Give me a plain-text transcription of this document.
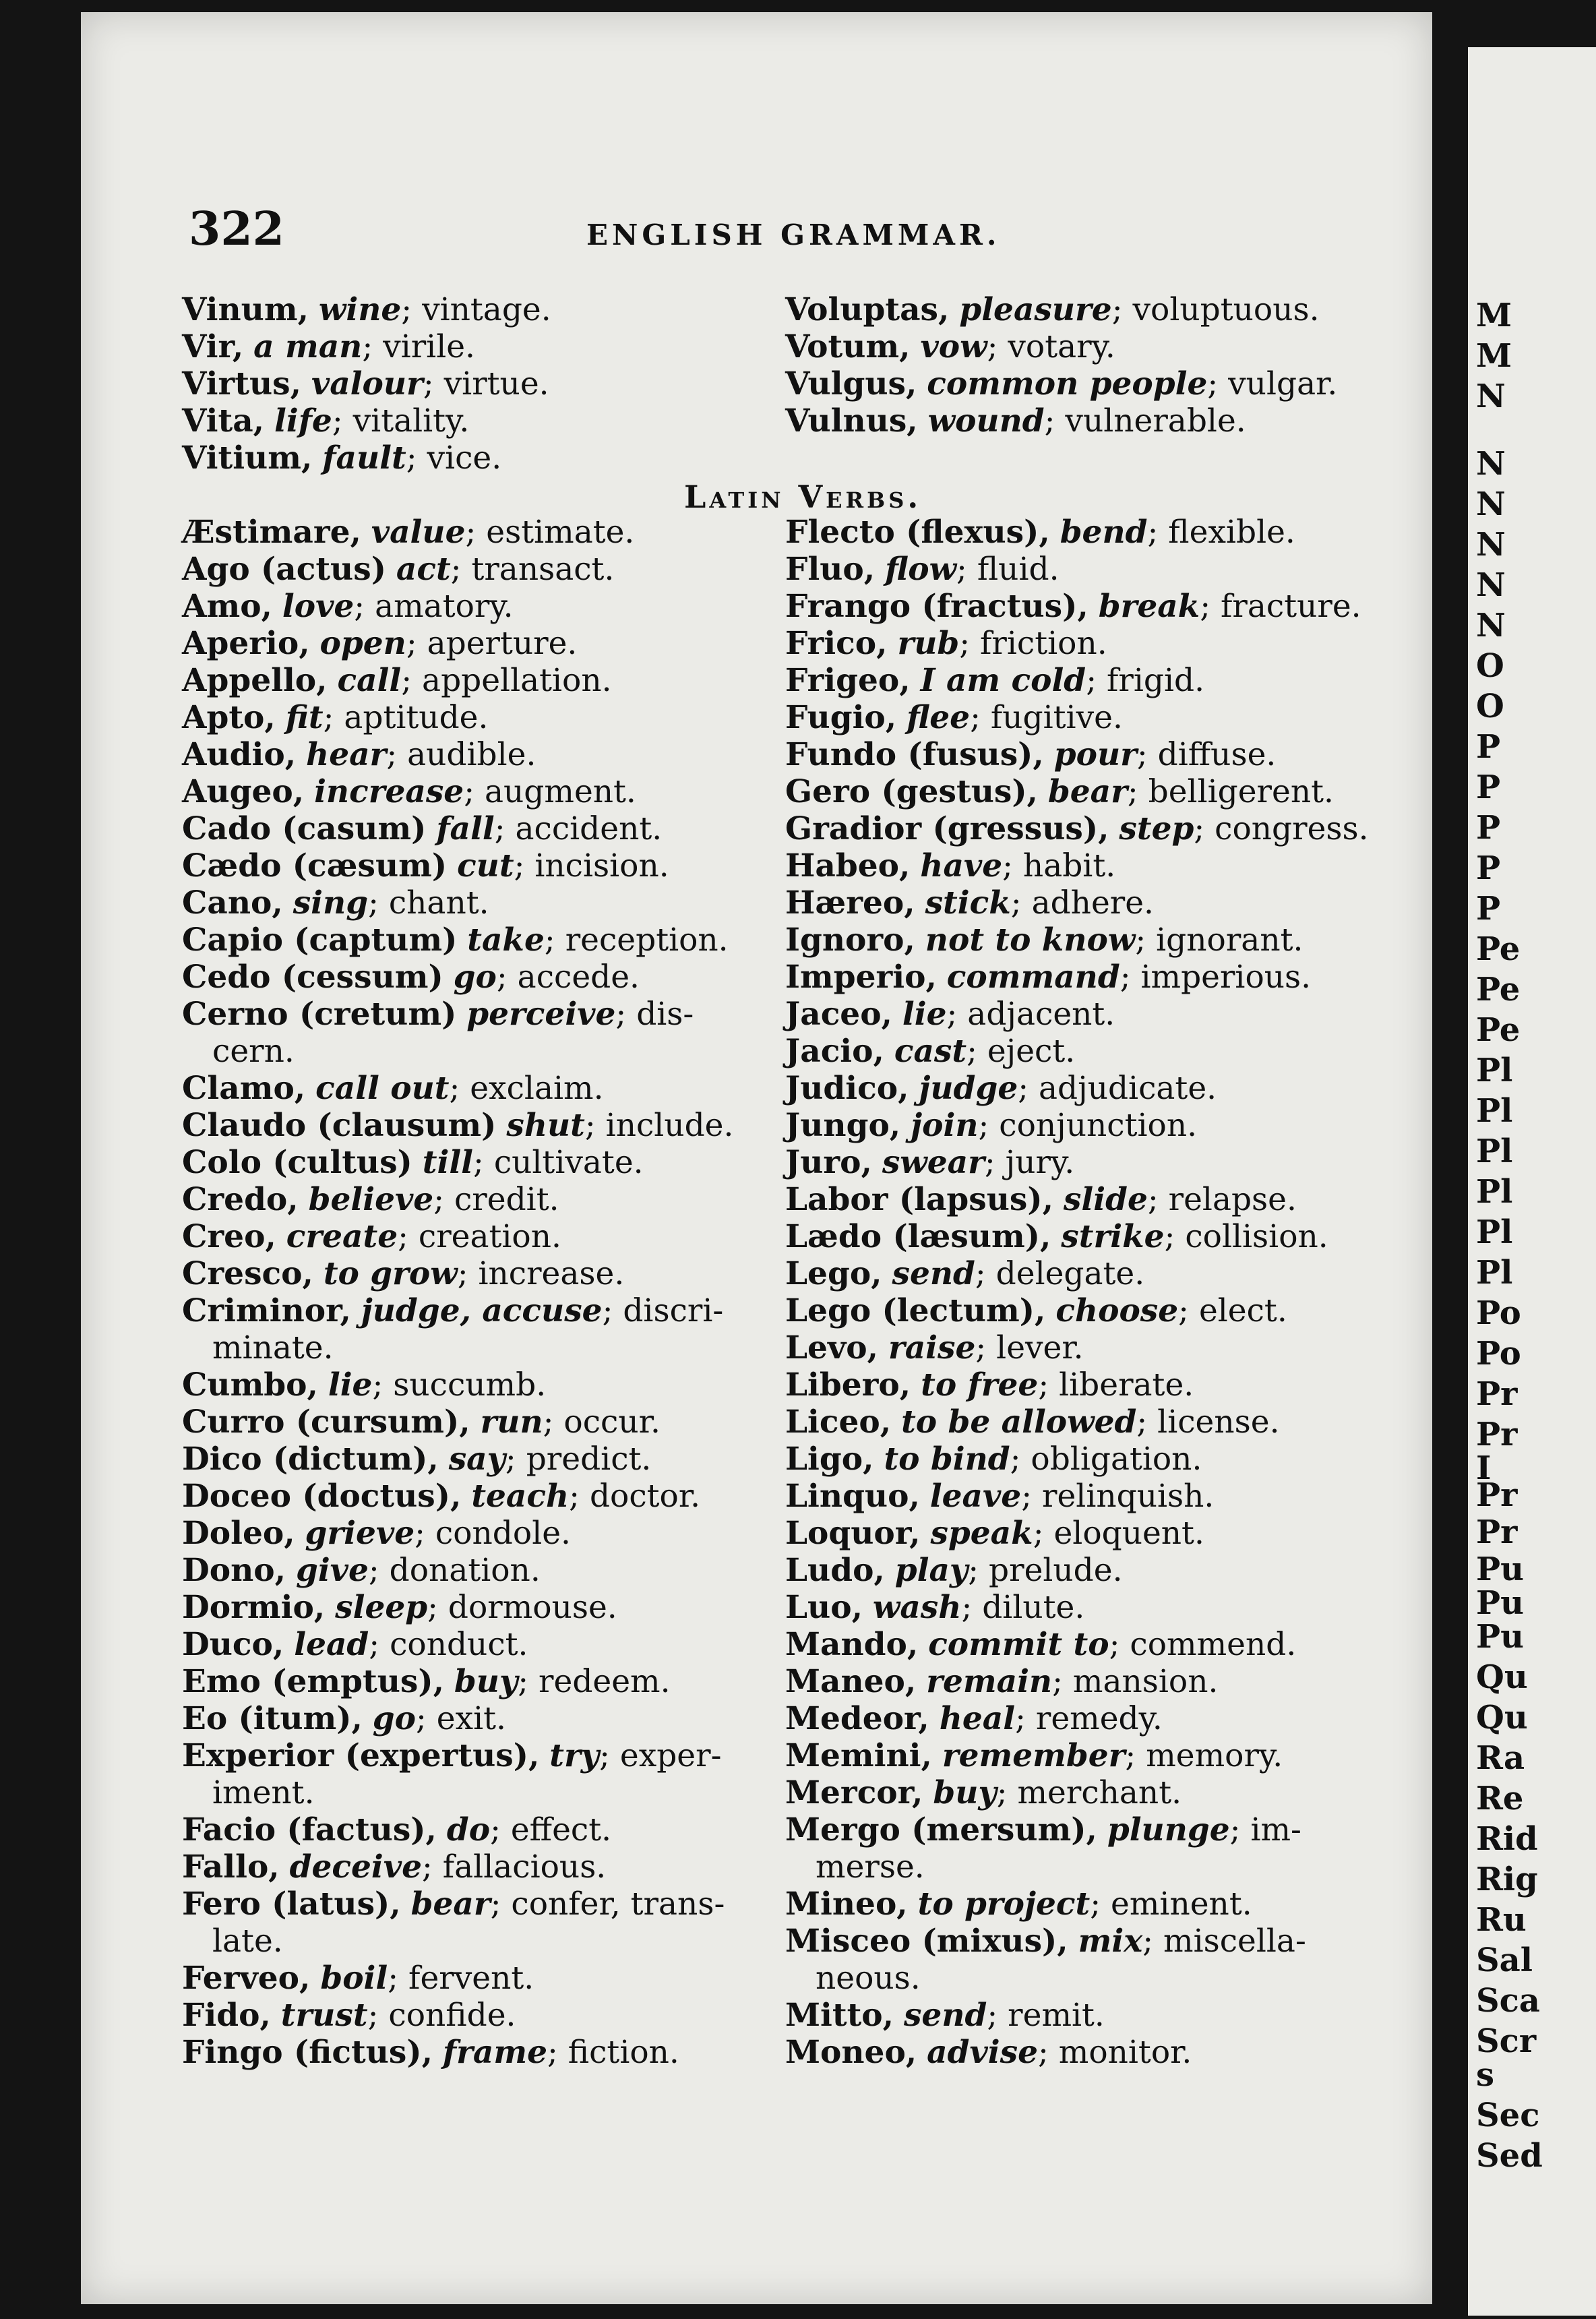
M
M
N
N
N
N
N
N
O
O
P
P
P
P
P
Pe
Pe
Pe
Pl
Pl
Pl
Pl
Pl
Pl
Po
Po
Pr
Pr
I
Pr
Pr
Pu
Pu
Pu
Qu
Qu
Ra
Re
Rid
Rig
Ru
Sal
Sca
Scr
s
Sec
Sed
322	ENGLISH GRAMMAR.
Vinum, wine; vintage.
Vir, a man; virile.
Virtus, valour; virtue.
Vita, life; vitality.
Vitium, fault; vice.
Æstimare, value; estimate.
Ago (actus) act; transact.
Amo, love; amatory.
Aperio, open; aperture.
Appello, call; appellation.
Apto, fit; aptitude.
Audio, hear; audible.
Augeo, increase; augment.
Cado (casum) fall; accident.
Cædo (cæsum) cut; incision.
Cano, sing; chant.
Capio (captum) take; reception.
Cedo (cessum) go; accede.
Cerno (cretum) perceive; dis-
cern.
Clamo, call out; exclaim.
Claudo (clausum) shut; include.
Colo (cultus) till; cultivate.
Credo, believe; credit.
Creo, create; creation.
Cresco, to grow; increase.
Criminor, judge, accuse; discri-
minate.
Cumbo, lie; succumb.
Curro (cursum), run; occur.
Dico (dictum), say; predict.
Doceo (doctus), teach; doctor.
Doleo, grieve; condole.
Dono, give; donation.
Dormio, sleep; dormouse.
Duco, lead; conduct.
Emo (emptus), buy; redeem.
Eo (itum), go; exit.
Experior (expertus), try; exper-
iment.
Facio (factus), do; effect.
Fallo, deceive; fallacious.
Fero (latus), bear; confer, trans-
late.
Ferveo, boil; fervent.
Fido, trust; confide.
Fingo (fictus), frame; fiction.
Voluptas, pleasure; voluptuous.
Votum, vow; votary.
Vulgus, common people; vulgar.
Vulnus, wound; vulnerable.
Flecto (flexus), bend; flexible.
Fluo, flow; fluid.
Frango (fractus), break; fracture.
Frico, rub; friction.
Frigeo, I am cold; frigid.
Fugio, flee; fugitive.
Fundo (fusus), pour; diffuse.
Gero (gestus), bear; belligerent.
Gradior (gressus), step; congress.
Habeo, have; habit.
Hæreo, stick; adhere.
Ignoro, not to know; ignorant.
Imperio, command; imperious.
Jaceo, lie; adjacent.
Jacio, cast; eject.
Judico, judge; adjudicate.
Jungo, join; conjunction.
Juro, swear; jury.
Labor (lapsus), slide; relapse.
Lædo (læsum), strike; collision.
Lego, send; delegate.
Lego (lectum), choose; elect.
Levo, raise; lever.
Libero, to free; liberate.
Liceo, to be allowed; license.
Ligo, to bind; obligation.
Linquo, leave; relinquish.
Loquor, speak; eloquent.
Ludo, play; prelude.
Luo, wash; dilute.
Mando, commit to; commend.
Maneo, remain; mansion.
Medeor, heal; remedy.
Memini, remember; memory.
Mercor, buy; merchant.
Mergo (mersum), plunge; im-
merse.
Mineo, to project; eminent.
Misceo (mixus), mix; miscella-
neous.
Mitto, send; remit.
Moneo, advise; monitor.
Latin Verbs.
